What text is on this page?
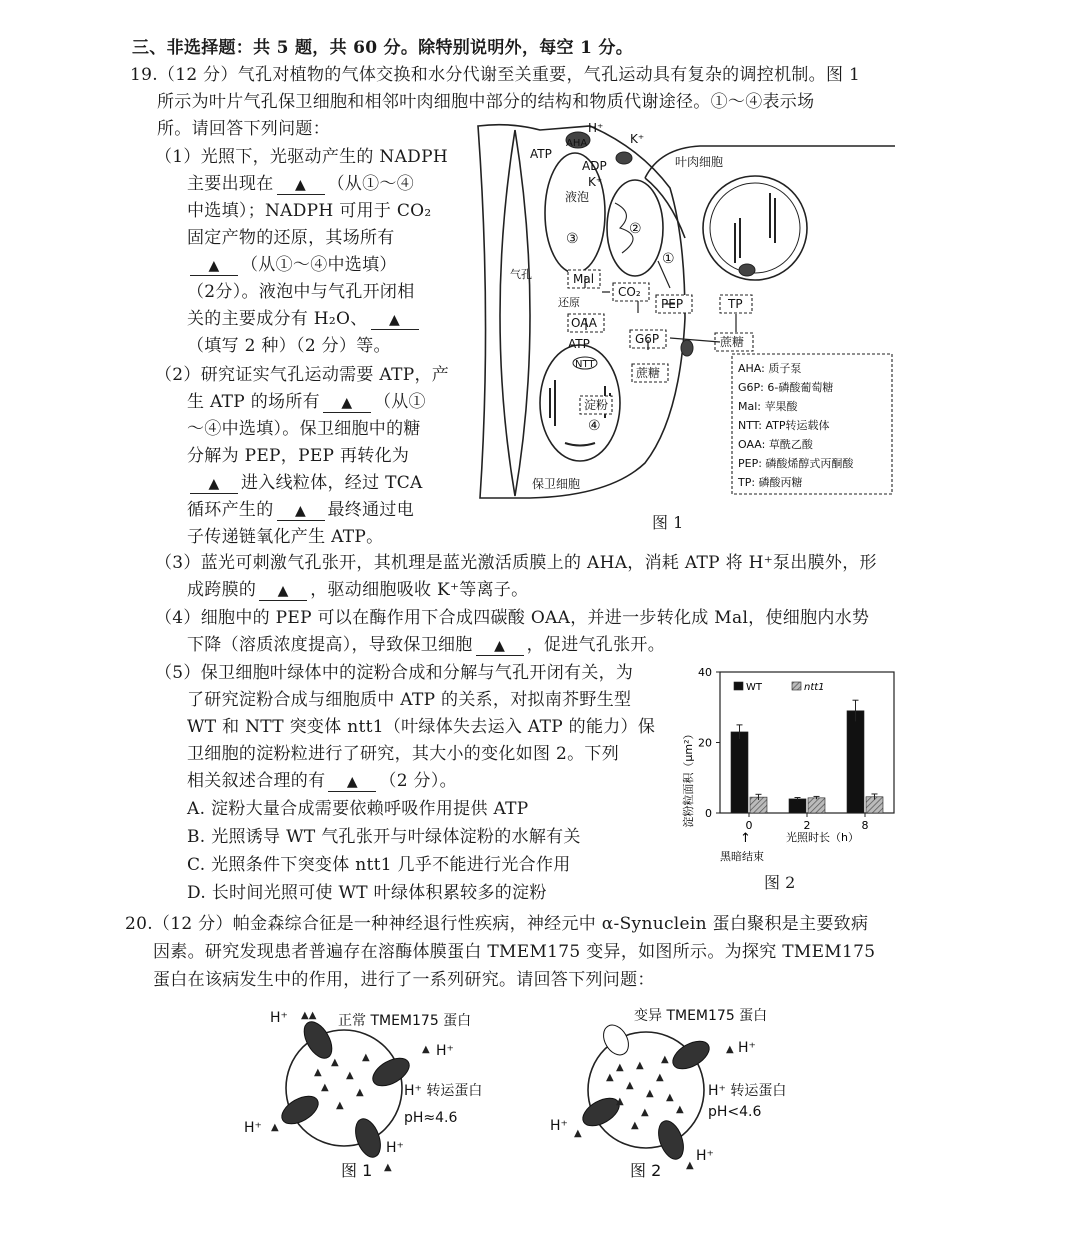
三、非选择题：共 5 题，共 60 分。除特别说明外，每空 1 分。
19.（12 分）气孔对植物的气体交换和水分代谢至关重要，气孔运动具有复杂的调控机制。图 1
所示为叶片气孔保卫细胞和相邻叶肉细胞中部分的结构和物质代谢途径。①～④表示场
所。请回答下列问题：
（1）光照下，光驱动产生的 NADPH
主要出现在 ▲ （从①～④
中选填）；NADPH 可用于 CO₂
固定产物的还原，其场所有
▲ （从①～④中选填）
（2分）。液泡中与气孔开闭相
关的主要成分有 H₂O、 ▲
（填写 2 种）（2 分）等。
（2）研究证实气孔运动需要 ATP，产
生 ATP 的场所有 ▲ （从①
～④中选填）。保卫细胞中的糖
分解为 PEP，PEP 再转化为
▲ 进入线粒体，经过 TCA
循环产生的 ▲ 最终通过电
子传递链氧化产生 ATP。
（3）蓝光可刺激气孔张开，其机理是蓝光激活质膜上的 AHA，消耗 ATP 将 H⁺泵出膜外，形
成跨膜的 ▲ ，驱动细胞吸收 K⁺等离子。
（4）细胞中的 PEP 可以在酶作用下合成四碳酸 OAA，并进一步转化成 Mal，使细胞内水势
下降（溶质浓度提高），导致保卫细胞 ▲ ，促进气孔张开。
（5）保卫细胞叶绿体中的淀粉合成和分解与气孔开闭有关，为
了研究淀粉合成与细胞质中 ATP 的关系，对拟南芥野生型
WT 和 NTT 突变体 ntt1（叶绿体失去运入 ATP 的能力）保
卫细胞的淀粉粒进行了研究，其大小的变化如图 2。下列
相关叙述合理的有 ▲ （2 分）。
A. 淀粉大量合成需要依赖呼吸作用提供 ATP
B. 光照诱导 WT 气孔张开与叶绿体淀粉的水解有关
C. 光照条件下突变体 ntt1 几乎不能进行光合作用
D. 长时间光照可使 WT 叶绿体积累较多的淀粉
ATP
H⁺
AHA
ADP
K⁺
K⁺
叶肉细胞
液泡
③
②
①
Mal
CO₂
PEP
还原
OAA
G6P
ATP
NTT
蔗糖
淀粉
④
TP
蔗糖
保卫细胞
气孔
AHA: 质子泵
G6P: 6-磷酸葡萄糖
Mal: 苹果酸
NTT: ATP转运载体
OAA: 草酰乙酸
PEP: 磷酸烯醇式丙酮酸
TP: 磷酸丙糖
图 1
淀粉粒面积（μm²） 0
20
40
0	2	8
WT	ntt1
光照时长（h）
↑
黑暗结束
图 2
20.（12 分）帕金森综合征是一种神经退行性疾病，神经元中 α-Synuclein 蛋白聚积是主要致病
因素。研究发现患者普遍存在溶酶体膜蛋白 TMEM175 变异，如图所示。为探究 TMEM175
蛋白在该病发生中的作用，进行了一系列研究。请回答下列问题：
▲
▲
▲
▲
▲
▲
▲
▲▲
▲
▲
▲
H⁺	正常 TMEM175 蛋白
H⁺
H⁺ 转运蛋白
pH≈4.6
H⁺
H⁺
图 1
▲ ▲
▲
▲
▲ ▲
▲
▲
▲
▲
▲
▲
▲
▲
▲
变异 TMEM175 蛋白
H⁺
H⁺ 转运蛋白
pH<4.6
H⁺
H⁺
图 2
